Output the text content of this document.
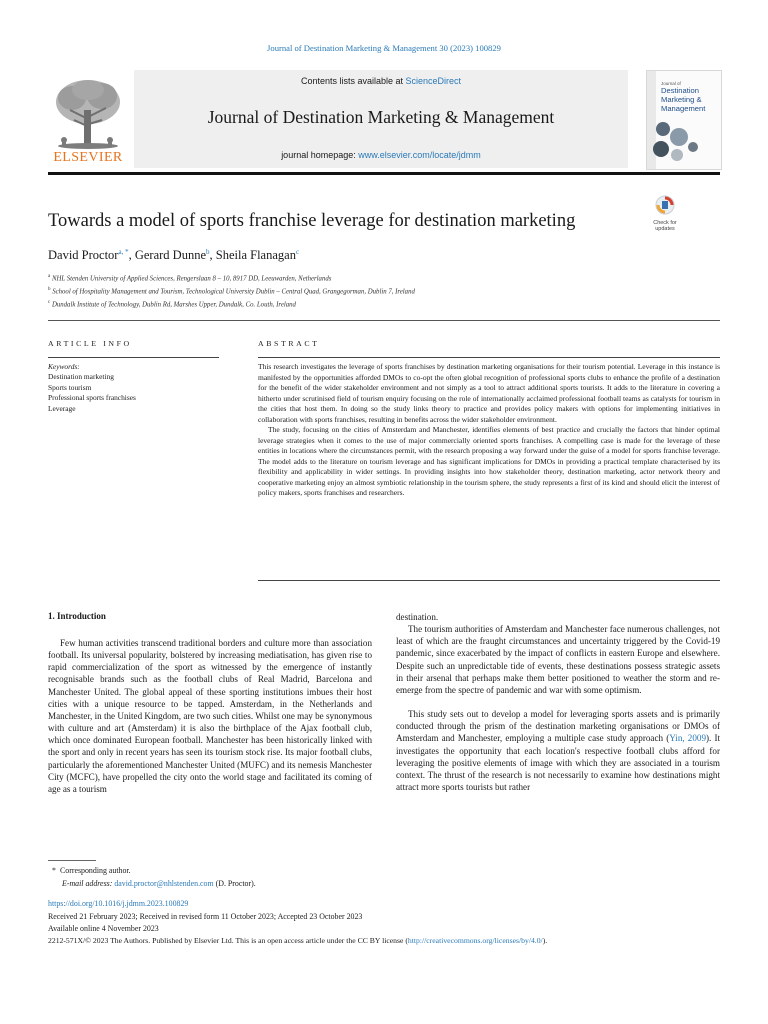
Journal of Destination Marketing & Management 30 (2023) 100829
ELSEVIER
Contents lists available at ScienceDirect
Journal of Destination Marketing & Management
journal homepage: www.elsevier.com/locate/jdmm
Journal of
Destination
Marketing &
Management
Towards a model of sports franchise leverage for destination marketing	Check for
updates
David Proctor$^{a, *}$, Gerard Dunne$^b$, Sheila Flanagan$^c$
$^a$ NHL Stenden University of Applied Sciences, Rengerslaan 8 – 10, 8917 DD, Leeuwarden, Netherlands
$^b$ School of Hospitality Management and Tourism, Technological University Dublin – Central Quad, Grangegorman, Dublin 7, Ireland
$^c$ Dundalk Institute of Technology, Dublin Rd, Marshes Upper, Dundalk, Co. Louth, Ireland
ARTICLE INFO
Keywords:
Destination marketing
Sports tourism
Professional sports franchises
Leverage
ABSTRACT

This research investigates the leverage of sports franchises by destination marketing organisations for their tourism potential. Leverage in this instance is manifested by the opportunities afforded DMOs to co-opt the often global recognition of professional sports clubs to enhance the profile of a destination for the benefit of the wider stakeholder environment and not simply as a tool to attract additional sports tourists. It adds to the literature in covering a hitherto under scrutinised field of tourism enquiry focusing on the role of internationally acclaimed professional football teams as catalysts for tourism in the cities that host them. In doing so the study links theory to practice and provides policy makers with options for implementing initiatives in collaboration with sports franchises, resulting in benefits across the wider stakeholder environment.

The study, focusing on the cities of Amsterdam and Manchester, identifies elements of best practice and crucially the factors that hinder optimal leverage strategies when it comes to the use of major commercially oriented sports franchises. A compelling case is made for the leverage of these entities in locations where the circumstances permit, with the research proposing a way forward under the guise of a model for sports franchise leverage. The model adds to the literature on tourism leverage and has significant implications for DMOs in providing a practical template characterised by its flexibility and applicability in wider settings. In providing insights into how stakeholder theory, destination marketing, actor network theory and cooperative marketing enjoy an almost symbiotic relationship in the tourism sphere, the study represents a first of its kind and should elicit the interest of policy makers, sports franchises and researchers.

1. Introduction

Few human activities transcend traditional borders and culture more than association football. Its universal popularity, bolstered by increasing mediatisation, has given rise to rapid commercialization of the sport as witnessed by the emergence of instantly recognisable brands such as the football clubs of Real Madrid, Barcelona and Manchester United. The global appeal of these sporting institutions imbues their host cities with a unique resource to be tapped. Amsterdam, in the Netherlands and Manchester, in the United Kingdom, are two such cities. Whilst one may be synonymous with culture and art (Amsterdam) it is also the birthplace of the Ajax football club, which once dominated European football. Manchester has been historically linked with the sport and only in recent years has seen its tourism stock rise. Its major football clubs, particularly the aforementioned Manchester United (MUFC) and its nemesis Manchester City (MCFC), have propelled the city onto the world stage and facilitated its coming of age as a tourism

destination.

The tourism authorities of Amsterdam and Manchester face numerous challenges, not least of which are the fraught circumstances and uncertainty triggered by the Covid-19 pandemic, since exacerbated by the impact of conflicts in eastern Europe and elsewhere. Despite such an unpredictable tide of events, these destinations possess strategic assets in their arsenal that perhaps make them better positioned to weather the storm and re-emerge from the spectre of pandemic and war with some optimism.

This study sets out to develop a model for leveraging sports assets and is primarily conducted through the prism of the destination marketing organisations or DMOs of Amsterdam and Manchester, employing a multiple case study approach (Yin, 2009). It investigates the opportunity that each location's respective football clubs afford for leveraging the positive elements of image with which they are associated in a tourism context. The thrust of the research is not necessarily to examine how destinations might attract more sports tourists but rather

* Corresponding author.
E-mail address: david.proctor@nhlstenden.com (D. Proctor).
https://doi.org/10.1016/j.jdmm.2023.100829
Received 21 February 2023; Received in revised form 11 October 2023; Accepted 23 October 2023
Available online 4 November 2023
2212-571X/© 2023 The Authors. Published by Elsevier Ltd. This is an open access article under the CC BY license (http://creativecommons.org/licenses/by/4.0/).
